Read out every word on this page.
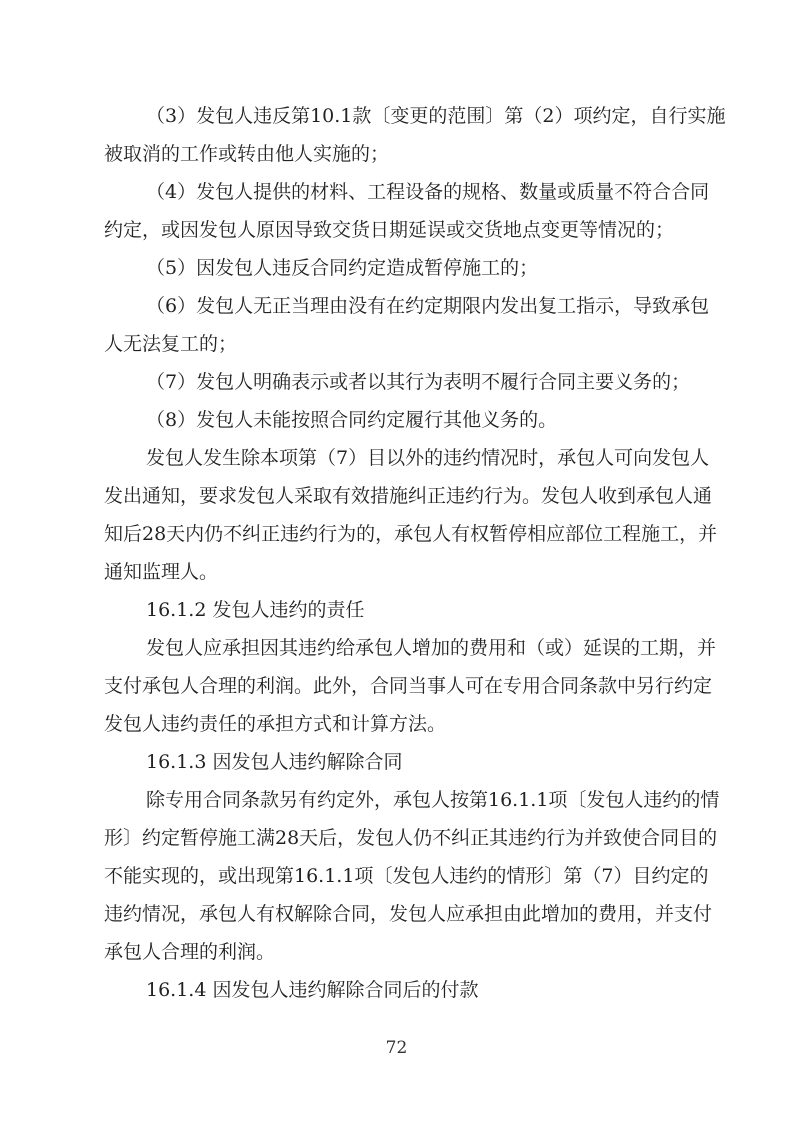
（3）发包人违反第10.1款〔变更的范围〕第（2）项约定，自行实施
被取消的工作或转由他人实施的；
（4）发包人提供的材料、工程设备的规格、数量或质量不符合合同
约定，或因发包人原因导致交货日期延误或交货地点变更等情况的；
（5）因发包人违反合同约定造成暂停施工的；
（6）发包人无正当理由没有在约定期限内发出复工指示，导致承包
人无法复工的；
（7）发包人明确表示或者以其行为表明不履行合同主要义务的；
（8）发包人未能按照合同约定履行其他义务的。
发包人发生除本项第（7）目以外的违约情况时，承包人可向发包人
发出通知，要求发包人采取有效措施纠正违约行为。发包人收到承包人通
知后28天内仍不纠正违约行为的，承包人有权暂停相应部位工程施工，并
通知监理人。
16.1.2 发包人违约的责任
发包人应承担因其违约给承包人增加的费用和（或）延误的工期，并
支付承包人合理的利润。此外，合同当事人可在专用合同条款中另行约定
发包人违约责任的承担方式和计算方法。
16.1.3 因发包人违约解除合同
除专用合同条款另有约定外，承包人按第16.1.1项〔发包人违约的情
形〕约定暂停施工满28天后，发包人仍不纠正其违约行为并致使合同目的
不能实现的，或出现第16.1.1项〔发包人违约的情形〕第（7）目约定的
违约情况，承包人有权解除合同，发包人应承担由此增加的费用，并支付
承包人合理的利润。
16.1.4 因发包人违约解除合同后的付款
72
